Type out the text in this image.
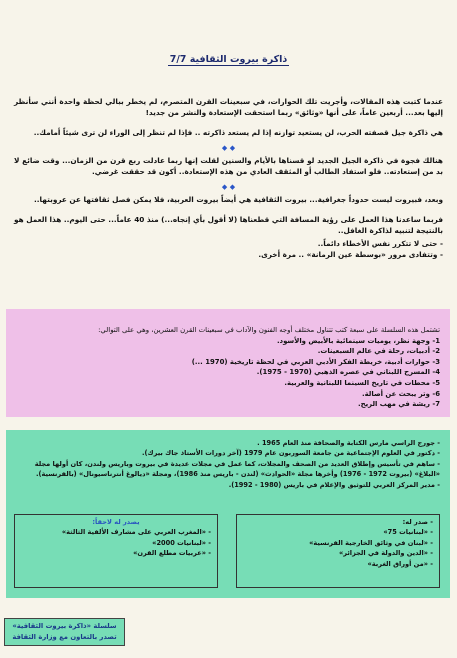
ذاكرة بيروت الثقافية 7/7

عندما كتبت هذه المقالات، وأجريت تلك الحوارات، في سبعينات القرن المتصرم، لم يخطر ببالي لحظة واحدة أنني سأنظر إليها بعد... أربعين عاماً، على أنها «وثائق» ربما استحقت الإستعادة والنشر من جديد!

هي ذاكرة جيل قصفته الحرب، لن يستعيد توازنه إذا لم يستعد ذاكرته .. فإذا لم تنظر إلى الوراء لن ترى شيئاً أمامك..

◆ ◆

هنالك فجوة في ذاكرة الجيل الجديد لو قسناها بالأيام والسنين لقلت إنها ربما عادلت ربع قرن من الزمان... وقت ضائع لا بد من إستعادته.. فلو استفاد الطالب أو المثقف العادي من هذه الإستعادة.. أكون قد حققت غرضي.

◆ ◆

وبعد، فبيروت ليست حدوداً جغرافية... بيروت الثقافية هي أيضاً بيروت العربية، فلا يمكن فصل ثقافتها عن عروبتها..

فربما ساعدنا هذا العمل على رؤية المسافة التي قطعناها (لا أقول بأي إنجاه...) منذ 40 عاماً... حتى اليوم.. هذا العمل هو بالنتيجة لتنبيه لذاكرة الغافل..

- حتى لا تتكرر نفس الأخطاء دائماً..
- وتتفادى مرور «بوسطة عين الرمانة» .. مرة أخرى.
تشتمل هذه السلسلة على سبعة كتب تتناول مختلف أوجه الفنون والآداب في سبعينات القرن العشرين، وهي على التوالي:
1- وجهة نظر، يوميات سينمائية بالأبيض والأسود.
2- أدبيات، رحلة في عالم السبعينات.
3- حوارات أدبية، خريطة الفكر الأدبي العربي في لحظة تاريخية (1970 ...)
4- المسرح اللبناني في عصره الذهبي (1970 - 1975).
5- محطات في تاريخ السينما اللبنانية والعربية.
6- وتر يبحث عن أصالة.
7- ريشة في مهب الريح.
- جورج الراسي مارس الكتابة والصحافة منذ العام 1965 .
- دكتور في العلوم الإجتماعية من جامعة السوربون عام 1979 (آخر دورات الأستاذ جاك بيرك).
- ساهم في تأسيس وإطلاق العديد من الصحف والمجلات، كما عمل في مجلات عديدة في بيروت وباريس ولندن، كان أولها مجلة «البلاغ» (بيروت 1972 - 1976) وأخرها مجلة «الحوادث» (لندن - باريس منذ 1986)، ومجلة «ديالوغ أنترناسيونال» (بالفرنسية).
- مدير المركز العربي للتوثيق والإعلام في باريس (1980 - 1992).
- صدر له:
- «لبنانيات 75»
- «لبنان في وثائق الخارجية الفرنسية»
- «الدين والدولة في الجزائر»
- «من أوراق الغربة»
يصدر له لاحقاً:
- «المغرب العربي على مشارف الألفية الثالثة»
- «لبنانيات 2000»
- «عربيات مطلع القرن»
سلسلة «ذاكرة بيروت الثقافية»
تصدر بالتعاون مع وزارة الثقافة
